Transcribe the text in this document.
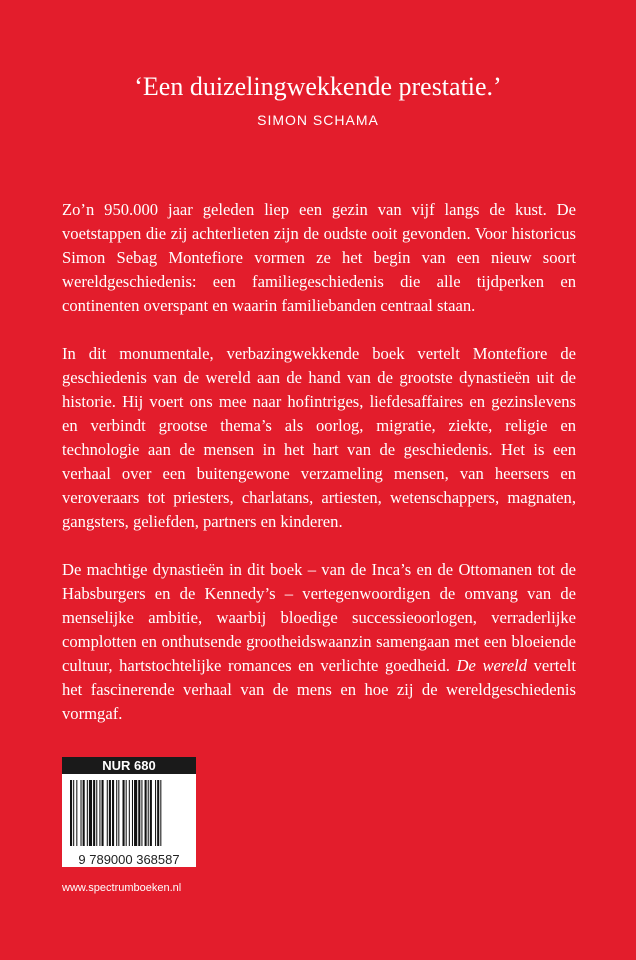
‘Een duizelingwekkende prestatie.’
SIMON SCHAMA

Zo’n 950.000 jaar geleden liep een gezin van vijf langs de kust. De voetstappen die zij achterlieten zijn de oudste ooit gevonden. Voor historicus Simon Sebag Montefiore vormen ze het begin van een nieuw soort wereldgeschiedenis: een familiegeschiedenis die alle tijdperken en continenten overspant en waarin familiebanden centraal staan.

In dit monumentale, verbazingwekkende boek vertelt Montefiore de geschiedenis van de wereld aan de hand van de grootste dynastieën uit de historie. Hij voert ons mee naar hofintriges, liefdesaffaires en gezinslevens en verbindt grootse thema’s als oorlog, migratie, ziekte, religie en technologie aan de mensen in het hart van de geschiedenis. Het is een verhaal over een buitengewone verzameling mensen, van heersers en veroveraars tot priesters, charlatans, artiesten, wetenschappers, magnaten, gangsters, geliefden, partners en kinderen.

De machtige dynastieën in dit boek – van de Inca’s en de Ottomanen tot de Habsburgers en de Kennedy’s – vertegenwoordigen de omvang van de menselijke ambitie, waarbij bloedige successieoorlogen, verraderlijke complotten en onthutsende grootheidswaanzin samengaan met een bloeiende cultuur, hartstochtelijke romances en verlichte goedheid. De wereld vertelt het fascinerende verhaal van de mens en hoe zij de wereldgeschiedenis vormgaf.

NUR 680
9 789000 368587
www.spectrumboeken.nl
